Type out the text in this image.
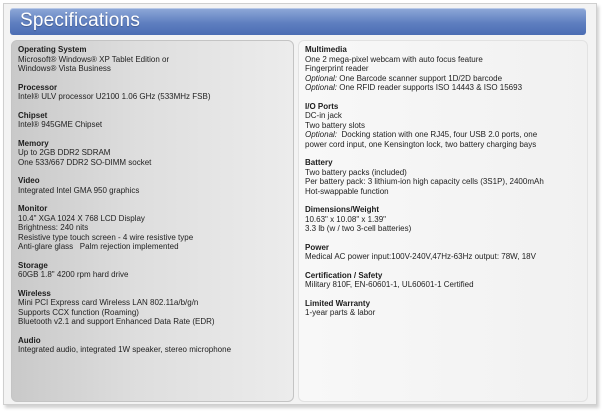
Specifications
Operating System
Microsoft® Windows® XP Tablet Edition or
Windows® Vista Business
Processor
Intel® ULV processor U2100 1.06 GHz (533MHz FSB)
Chipset
Intel® 945GME Chipset
Memory
Up to 2GB DDR2 SDRAM
One 533/667 DDR2 SO-DIMM socket
Video
Integrated Intel GMA 950 graphics
Monitor
10.4" XGA 1024 X 768 LCD Display
Brightness: 240 nits
Resistive type touch screen - 4 wire resistive type
Anti-glare glass   Palm rejection implemented
Storage
60GB 1.8" 4200 rpm hard drive
Wireless
Mini PCI Express card Wireless LAN 802.11a/b/g/n
Supports CCX function (Roaming)
Bluetooth v2.1 and support Enhanced Data Rate (EDR)
Audio
Integrated audio, integrated 1W speaker, stereo microphone
Multimedia
One 2 mega-pixel webcam with auto focus feature
Fingerprint reader
Optional: One Barcode scanner support 1D/2D barcode
Optional: One RFID reader supports ISO 14443 & ISO 15693
I/O Ports
DC-in jack
Two battery slots
Optional:  Docking station with one RJ45, four USB 2.0 ports, one
power cord input, one Kensington lock, two battery charging bays
Battery
Two battery packs (included)
Per battery pack: 3 lithium-ion high capacity cells (3S1P), 2400mAh
Hot-swappable function
Dimensions/Weight
10.63" x 10.08" x 1.39"
3.3 lb (w / two 3-cell batteries)
Power
Medical AC power input:100V-240V,47Hz-63Hz output: 78W, 18V
Certification / Safety
Military 810F, EN-60601-1, UL60601-1 Certified
Limited Warranty
1-year parts & labor
